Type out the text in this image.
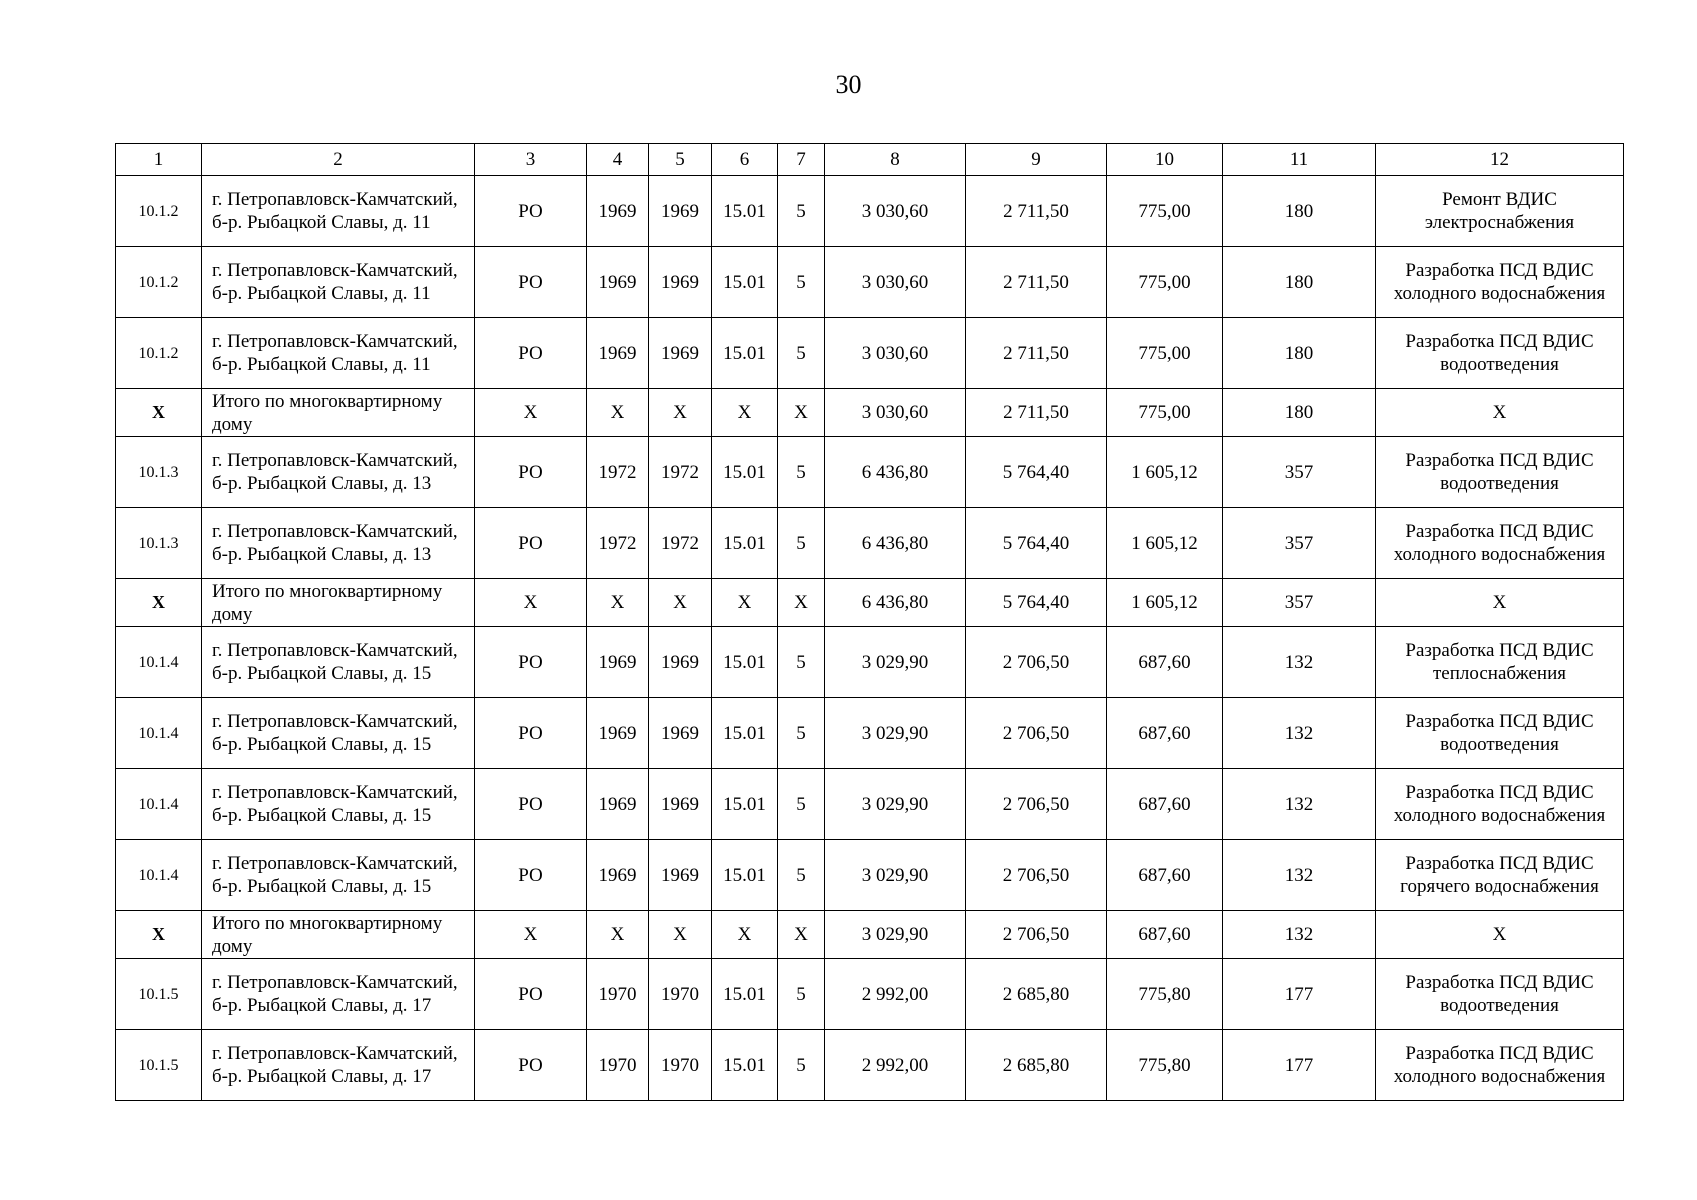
30
1	2	3	4	5	6	7	8	9	10	11	12
10.1.2	г. Петропавловск-Камчатский, б-р. Рыбацкой Славы, д. 11	РО	1969	1969	15.01	5	3 030,60	2 711,50	775,00	180	Ремонт ВДИС электроснабжения
10.1.2	г. Петропавловск-Камчатский, б-р. Рыбацкой Славы, д. 11	РО	1969	1969	15.01	5	3 030,60	2 711,50	775,00	180	Разработка ПСД ВДИС холодного водоснабжения
10.1.2	г. Петропавловск-Камчатский, б-р. Рыбацкой Славы, д. 11	РО	1969	1969	15.01	5	3 030,60	2 711,50	775,00	180	Разработка ПСД ВДИС водоотведения
X	Итого по многоквартирному дому	X	X	X	X	X	3 030,60	2 711,50	775,00	180	X
10.1.3	г. Петропавловск-Камчатский, б-р. Рыбацкой Славы, д. 13	РО	1972	1972	15.01	5	6 436,80	5 764,40	1 605,12	357	Разработка ПСД ВДИС водоотведения
10.1.3	г. Петропавловск-Камчатский, б-р. Рыбацкой Славы, д. 13	РО	1972	1972	15.01	5	6 436,80	5 764,40	1 605,12	357	Разработка ПСД ВДИС холодного водоснабжения
X	Итого по многоквартирному дому	X	X	X	X	X	6 436,80	5 764,40	1 605,12	357	X
10.1.4	г. Петропавловск-Камчатский, б-р. Рыбацкой Славы, д. 15	РО	1969	1969	15.01	5	3 029,90	2 706,50	687,60	132	Разработка ПСД ВДИС теплоснабжения
10.1.4	г. Петропавловск-Камчатский, б-р. Рыбацкой Славы, д. 15	РО	1969	1969	15.01	5	3 029,90	2 706,50	687,60	132	Разработка ПСД ВДИС водоотведения
10.1.4	г. Петропавловск-Камчатский, б-р. Рыбацкой Славы, д. 15	РО	1969	1969	15.01	5	3 029,90	2 706,50	687,60	132	Разработка ПСД ВДИС холодного водоснабжения
10.1.4	г. Петропавловск-Камчатский, б-р. Рыбацкой Славы, д. 15	РО	1969	1969	15.01	5	3 029,90	2 706,50	687,60	132	Разработка ПСД ВДИС горячего водоснабжения
X	Итого по многоквартирному дому	X	X	X	X	X	3 029,90	2 706,50	687,60	132	X
10.1.5	г. Петропавловск-Камчатский, б-р. Рыбацкой Славы, д. 17	РО	1970	1970	15.01	5	2 992,00	2 685,80	775,80	177	Разработка ПСД ВДИС водоотведения
10.1.5	г. Петропавловск-Камчатский, б-р. Рыбацкой Славы, д. 17	РО	1970	1970	15.01	5	2 992,00	2 685,80	775,80	177	Разработка ПСД ВДИС холодного водоснабжения
